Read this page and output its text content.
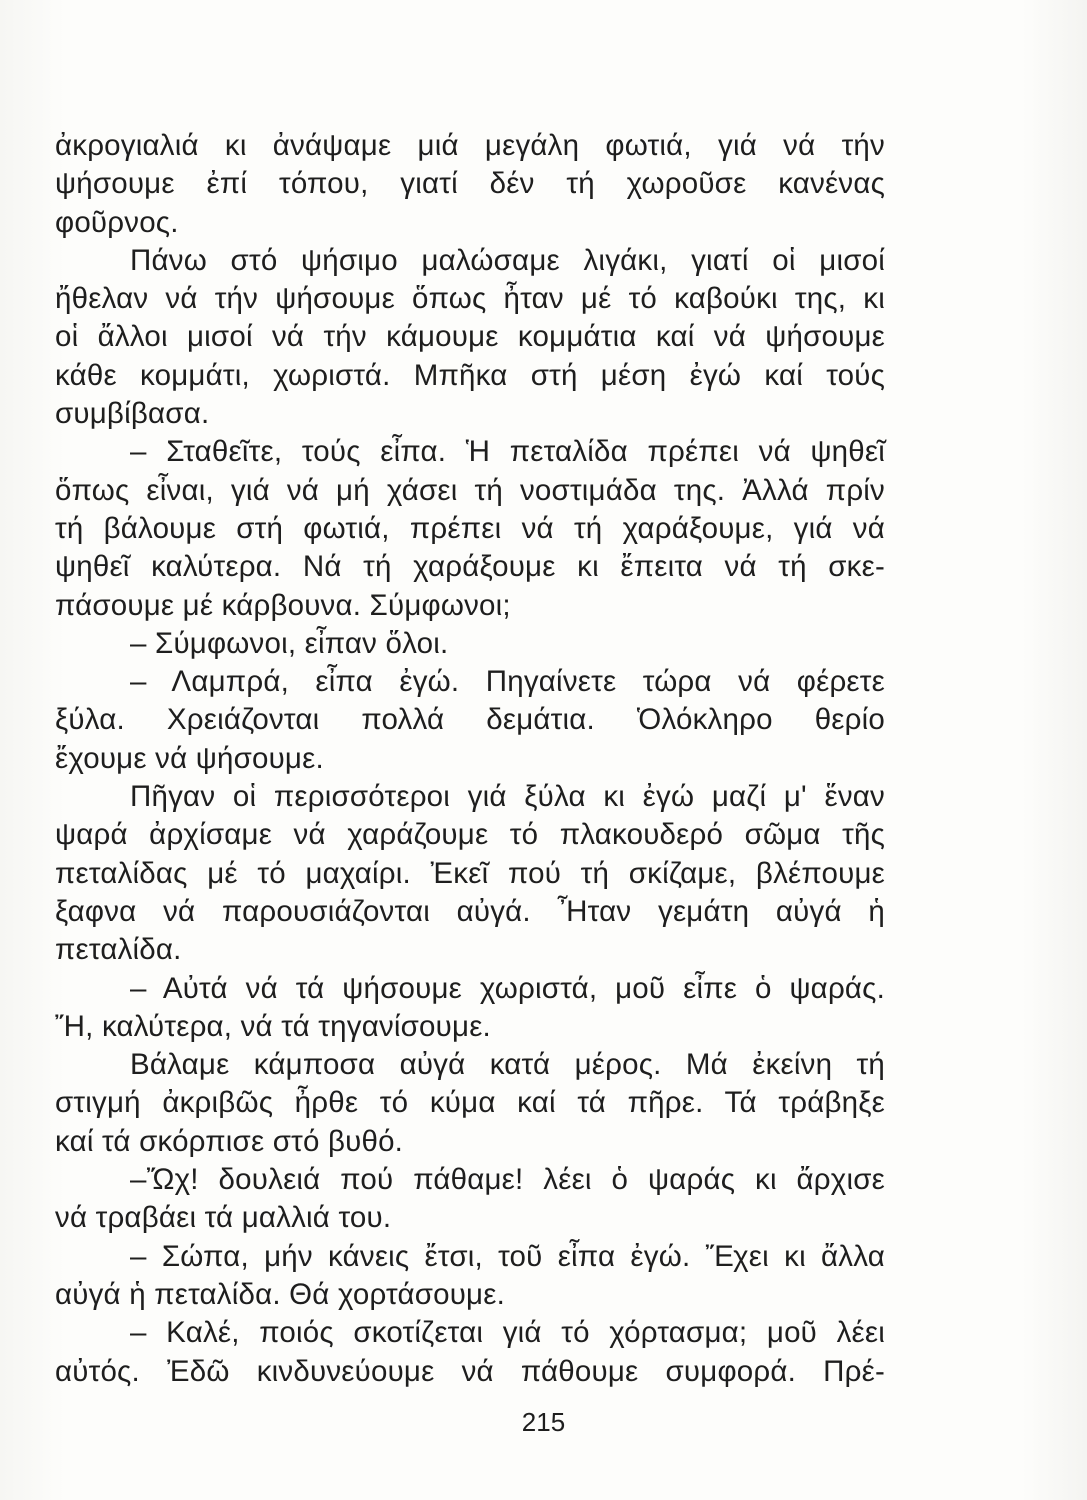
ἀκρογιαλιά κι ἀνάψαμε μιά μεγάλη φωτιά, γιά νά τήν
ψήσουμε ἐπί τόπου, γιατί δέν τή χωροῦσε κανένας
φοῦρνος.
Πάνω στό ψήσιμο μαλώσαμε λιγάκι, γιατί οἱ μισοί
ἤθελαν νά τήν ψήσουμε ὅπως ἦταν μέ τό καβούκι της, κι
οἱ ἄλλοι μισοί νά τήν κάμουμε κομμάτια καί νά ψήσουμε
κάθε κομμάτι, χωριστά. Μπῆκα στή μέση ἐγώ καί τούς
συμβίβασα.
– Σταθεῖτε, τούς εἶπα. Ἡ πεταλίδα πρέπει νά ψηθεῖ
ὅπως εἶναι, γιά νά μή χάσει τή νοστιμάδα της. Ἀλλά πρίν
τή βάλουμε στή φωτιά, πρέπει νά τή χαράξουμε, γιά νά
ψηθεῖ καλύτερα. Νά τή χαράξουμε κι ἔπειτα νά τή σκε-
πάσουμε μέ κάρβουνα. Σύμφωνοι;
– Σύμφωνοι, εἶπαν ὅλοι.
– Λαμπρά, εἶπα ἐγώ. Πηγαίνετε τώρα νά φέρετε
ξύλα. Χρειάζονται πολλά δεμάτια. Ὁλόκληρο θερίο
ἔχουμε νά ψήσουμε.
Πῆγαν οἱ περισσότεροι γιά ξύλα κι ἐγώ μαζί μ' ἕναν
ψαρά ἀρχίσαμε νά χαράζουμε τό πλακουδερό σῶμα τῆς
πεταλίδας μέ τό μαχαίρι. Ἐκεῖ πού τή σκίζαμε, βλέπουμε
ξαφνα νά παρουσιάζονται αὐγά. Ἦταν γεμάτη αὐγά ἡ
πεταλίδα.
– Αὐτά νά τά ψήσουμε χωριστά, μοῦ εἶπε ὁ ψαράς.
Ἤ, καλύτερα, νά τά τηγανίσουμε.
Βάλαμε κάμποσα αὐγά κατά μέρος. Μά ἐκείνη τή
στιγμή ἀκριβῶς ἦρθε τό κύμα καί τά πῆρε. Τά τράβηξε
καί τά σκόρπισε στό βυθό.
–Ὤχ! δουλειά πού πάθαμε! λέει ὁ ψαράς κι ἄρχισε
νά τραβάει τά μαλλιά του.
– Σώπα, μήν κάνεις ἔτσι, τοῦ εἶπα ἐγώ. Ἔχει κι ἄλλα
αὐγά ἡ πεταλίδα. Θά χορτάσουμε.
– Καλέ, ποιός σκοτίζεται γιά τό χόρτασμα; μοῦ λέει
αὐτός. Ἐδῶ κινδυνεύουμε νά πάθουμε συμφορά. Πρέ-
215
